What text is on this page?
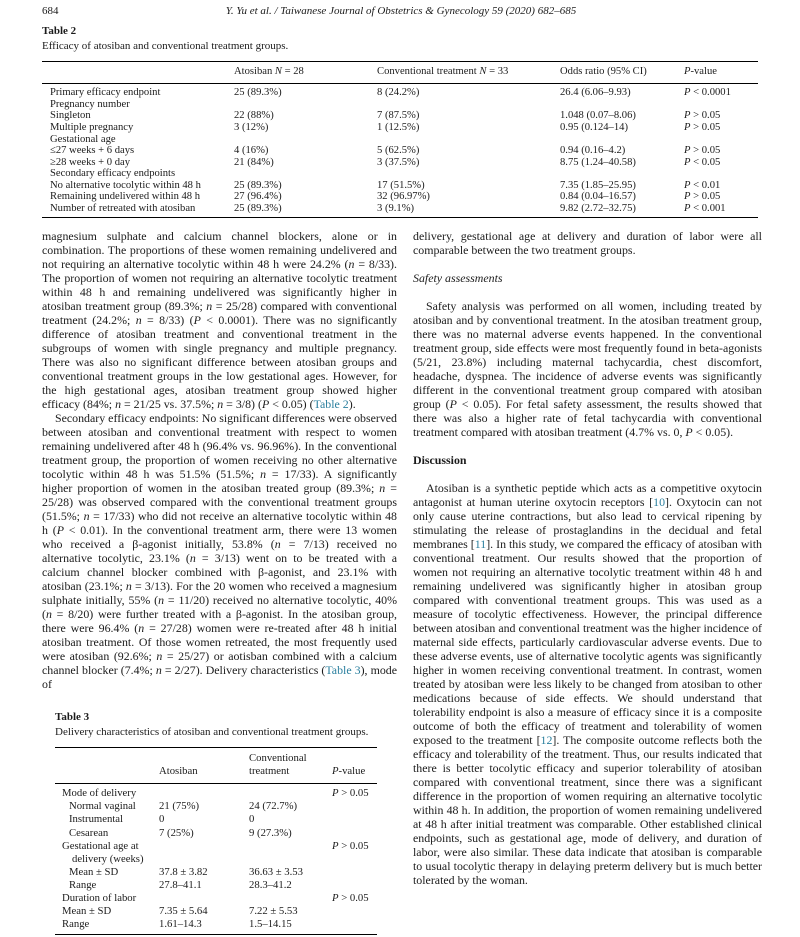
684	Y. Yu et al. / Taiwanese Journal of Obstetrics & Gynecology 59 (2020) 682–685
Table 2
Efficacy of atosiban and conventional treatment groups.
	Atosiban N = 28	Conventional treatment N = 33	Odds ratio (95% CI)	P-value
Primary efficacy endpoint	25 (89.3%)	8 (24.2%)	26.4 (6.06–9.93)	P < 0.0001
Pregnancy number				
Singleton	22 (88%)	7 (87.5%)	1.048 (0.07–8.06)	P > 0.05
Multiple pregnancy	3 (12%)	1 (12.5%)	0.95 (0.124–14)	P > 0.05
Gestational age				
≤27 weeks + 6 days	4 (16%)	5 (62.5%)	0.94 (0.16–4.2)	P > 0.05
≥28 weeks + 0 day	21 (84%)	3 (37.5%)	8.75 (1.24–40.58)	P < 0.05
Secondary efficacy endpoints				
No alternative tocolytic within 48 h	25 (89.3%)	17 (51.5%)	7.35 (1.85–25.95)	P < 0.01
Remaining undelivered within 48 h	27 (96.4%)	32 (96.97%)	0.84 (0.04–16.57)	P > 0.05
Number of retreated with atosiban	25 (89.3%)	3 (9.1%)	9.82 (2.72–32.75)	P < 0.001

magnesium sulphate and calcium channel blockers, alone or in combination. The proportions of these women remaining undelivered and not requiring an alternative tocolytic within 48 h were 24.2% (n = 8/33). The proportion of women not requiring an alternative tocolytic treatment within 48 h and remaining undelivered was significantly higher in atosiban treatment group (89.3%; n = 25/28) compared with conventional treatment (24.2%; n = 8/33) (P < 0.0001). There was no significantly difference of atosiban treatment and conventional treatment in the subgroups of women with single pregnancy and multiple pregnancy. There was also no significant difference between atosiban groups and conventional treatment groups in the low gestational ages. However, for the high gestational ages, atosiban treatment group showed higher efficacy (84%; n = 21/25 vs. 37.5%; n = 3/8) (P < 0.05) (Table 2).

Secondary efficacy endpoints: No significant differences were observed between atosiban and conventional treatment with respect to women remaining undelivered after 48 h (96.4% vs. 96.96%). In the conventional treatment group, the proportion of women receiving no other alternative tocolytic within 48 h was 51.5% (51.5%; n = 17/33). A significantly higher proportion of women in the atosiban treated group (89.3%; n = 25/28) was observed compared with the conventional treatment groups (51.5%; n = 17/33) who did not receive an alternative tocolytic within 48 h (P < 0.01). In the conventional treatment arm, there were 13 women who received a β-agonist initially, 53.8% (n = 7/13) received no alternative tocolytic, 23.1% (n = 3/13) went on to be treated with a calcium channel blocker combined with β-agonist, and 23.1% with atosiban (23.1%; n = 3/13). For the 20 women who received a magnesium sulphate initially, 55% (n = 11/20) received no alternative tocolytic, 40% (n = 8/20) were further treated with a β-agonist. In the atosiban group, there were 96.4% (n = 27/28) women were re-treated after 48 h initial atosiban treatment. Of those women retreated, the most frequently used were atosiban (92.6%; n = 25/27) or aotisban combined with a calcium channel blocker (7.4%; n = 2/27). Delivery characteristics (Table 3), mode of

Table 3
Delivery characteristics of atosiban and conventional treatment groups.
	Atosiban	Conventional treatment	P-value
Mode of delivery			P > 0.05
Normal vaginal	21 (75%)	24 (72.7%)	
Instrumental	0	0	
Cesarean	7 (25%)	9 (27.3%)	
Gestational age at delivery (weeks)			P > 0.05
Mean ± SD	37.8 ± 3.82	36.63 ± 3.53	
Range	27.8–41.1	28.3–41.2	
Duration of labor			P > 0.05
Mean ± SD	7.35 ± 5.64	7.22 ± 5.53	
Range	1.61–14.3	1.5–14.15	

delivery, gestational age at delivery and duration of labor were all comparable between the two treatment groups.

Safety assessments

Safety analysis was performed on all women, including treated by atosiban and by conventional treatment. In the atosiban treatment group, there was no maternal adverse events happened. In the conventional treatment group, side effects were most frequently found in beta-agonists (5/21, 23.8%) including maternal tachycardia, chest discomfort, headache, dyspnea. The incidence of adverse events was significantly different in the conventional treatment group compared with atosiban group (P < 0.05). For fetal safety assessment, the results showed that there was also a higher rate of fetal tachycardia with conventional treatment compared with atosiban treatment (4.7% vs. 0, P < 0.05).

Discussion

Atosiban is a synthetic peptide which acts as a competitive oxytocin antagonist at human uterine oxytocin receptors [10]. Oxytocin can not only cause uterine contractions, but also lead to cervical ripening by stimulating the release of prostaglandins in the decidual and fetal membranes [11]. In this study, we compared the efficacy of atosiban with conventional treatment. Our results showed that the proportion of women not requiring an alternative tocolytic treatment within 48 h and remaining undelivered was significantly higher in atosiban group compared with conventional treatment groups. This was used as a measure of tocolytic effectiveness. However, the principal difference between atosiban and conventional treatment was the higher incidence of maternal side effects, particularly cardiovascular adverse events. Due to these adverse events, use of alternative tocolytic agents was significantly higher in women receiving conventional treatment. In contrast, women treated by atosiban were less likely to be changed from atosiban to other medications because of side effects. We should understand that tolerability endpoint is also a measure of efficacy since it is a composite outcome of both the efficacy of treatment and tolerability of women exposed to the treatment [12]. The composite outcome reflects both the efficacy and tolerability of the treatment. Thus, our results indicated that there is better tocolytic efficacy and superior tolerability of atosiban compared with conventional treatment, since there was a significant difference in the proportion of women requiring an alternative tocolytic within 48 h. In addition, the proportion of women remaining undelivered at 48 h after initial treatment was comparable. Other established clinical endpoints, such as gestational age, mode of delivery, and duration of labor, were also similar. These data indicate that atosiban is comparable to usual tocolytic therapy in delaying preterm delivery but is much better tolerated by the woman.
